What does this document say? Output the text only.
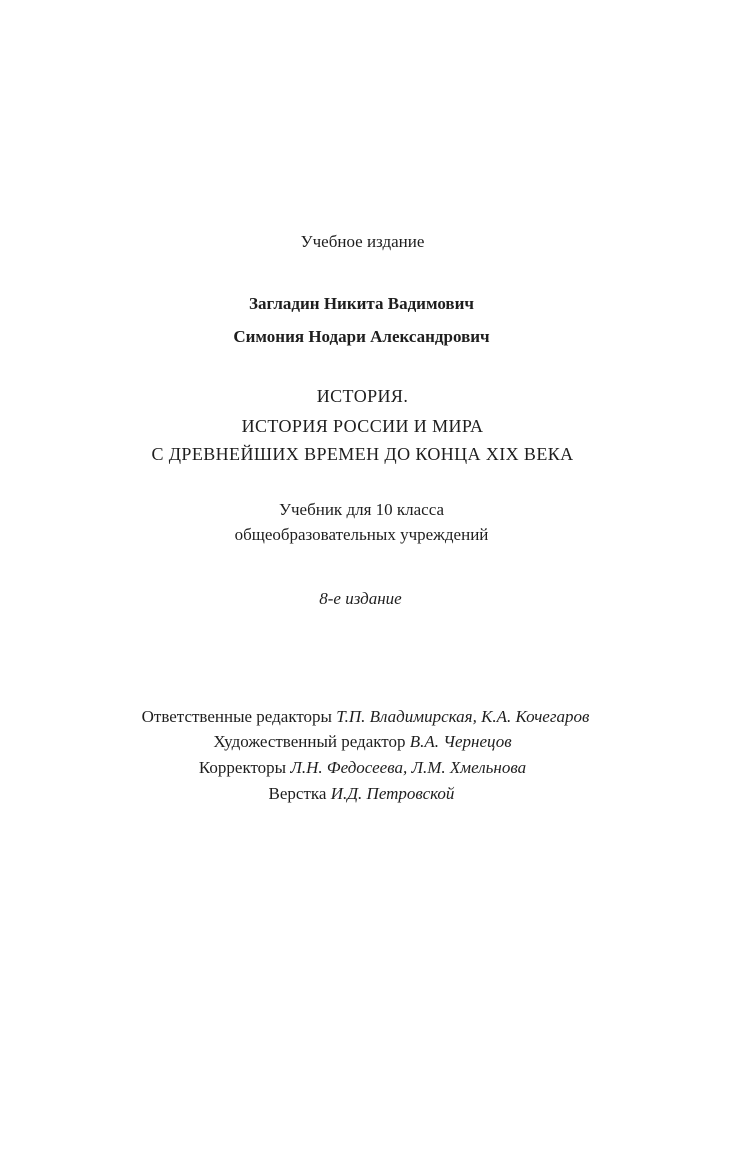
Учебное издание
Загладин Никита Вадимович
Симония Нодари Александрович
ИСТОРИЯ.
ИСТОРИЯ РОССИИ И МИРА
С ДРЕВНЕЙШИХ ВРЕМЕН ДО КОНЦА XIX ВЕКА
Учебник для 10 класса
общеобразовательных учреждений
8-е издание
Ответственные редакторы Т.П. Владимирская, К.А. Кочегаров
Художественный редактор В.А. Чернецов
Корректоры Л.Н. Федосеева, Л.М. Хмельнова
Верстка И.Д. Петровской
